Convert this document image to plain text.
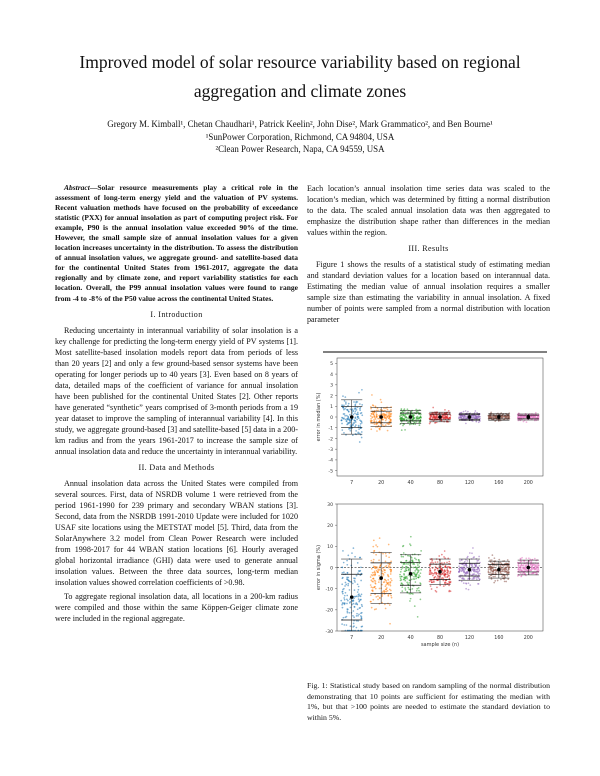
Improved model of solar resource variability based on regional
aggregation and climate zones
Gregory M. Kimball¹, Chetan Chaudhari¹, Patrick Keelin², John Dise², Mark Grammatico², and Ben Bourne¹
¹SunPower Corporation, Richmond, CA 94804, USA
²Clean Power Research, Napa, CA 94559, USA

Abstract—Solar resource measurements play a critical role in the assessment of long-term energy yield and the valuation of PV systems. Recent valuation methods have focused on the probability of exceedance statistic (PXX) for annual insolation as part of computing project risk. For example, P90 is the annual insolation value exceeded 90% of the time. However, the small sample size of annual insolation values for a given location increases uncertainty in the distribution. To assess the distribution of annual insolation values, we aggregate ground- and satellite-based data for the continental United States from 1961-2017, aggregate the data regionally and by climate zone, and report variability statistics for each location. Overall, the P99 annual insolation values were found to range from -4 to -8% of the P50 value across the continental United States.

I. Introduction

Reducing uncertainty in interannual variability of solar insolation is a key challenge for predicting the long-term energy yield of PV systems [1]. Most satellite-based insolation models report data from periods of less than 20 years [2] and only a few ground-based sensor systems have been operating for longer periods up to 40 years [3]. Even based on 8 years of data, detailed maps of the coefficient of variance for annual insolation have been published for the continental United States [2]. Other reports have generated “synthetic” years comprised of 3-month periods from a 19 year dataset to improve the sampling of interannual variability [4]. In this study, we aggregate ground-based [3] and satellite-based [5] data in a 200-km radius and from the years 1961-2017 to increase the sample size of annual insolation data and reduce the uncertainty in interannual variability.

II. Data and Methods

Annual insolation data across the United States were compiled from several sources. First, data of NSRDB volume 1 were retrieved from the period 1961-1990 for 239 primary and secondary WBAN stations [3]. Second, data from the NSRDB 1991-2010 Update were included for 1020 USAF site locations using the METSTAT model [5]. Third, data from the SolarAnywhere 3.2 model from Clean Power Research were included from 1998-2017 for 44 WBAN station locations [6]. Hourly averaged global horizontal irradiance (GHI) data were used to generate annual insolation values. Between the three data sources, long-term median insolation values showed correlation coefficients of >0.98.

To aggregate regional insolation data, all locations in a 200-km radius were compiled and those within the same Köppen-Geiger climate zone were included in the regional aggregate.

Each location’s annual insolation time series data was scaled to the location’s median, which was determined by fitting a normal distribution to the data. The scaled annual insolation data was then aggregated to emphasize the distribution shape rather than differences in the median values within the region.

III. Results

Figure 1 shows the results of a statistical study of estimating median and standard deviation values for a location based on interannual data. Estimating the median value of annual insolation requires a smaller sample size than estimating the variability in annual insolation. A fixed number of points were sampled from a normal distribution with location parameter

-5
-4
-3
-2
-1
0
1
2
3
4
5
error in median (%)
7	20	40	80	120	160	200
-30
-20
-10
0
10
20
30
error in sigma (%)
7	20	40	80	120	160	200
sample size (n)

Fig. 1: Statistical study based on random sampling of the normal distribution demonstrating that 10 points are sufficient for estimating the median with 1%, but that >100 points are needed to estimate the standard deviation to within 5%.
